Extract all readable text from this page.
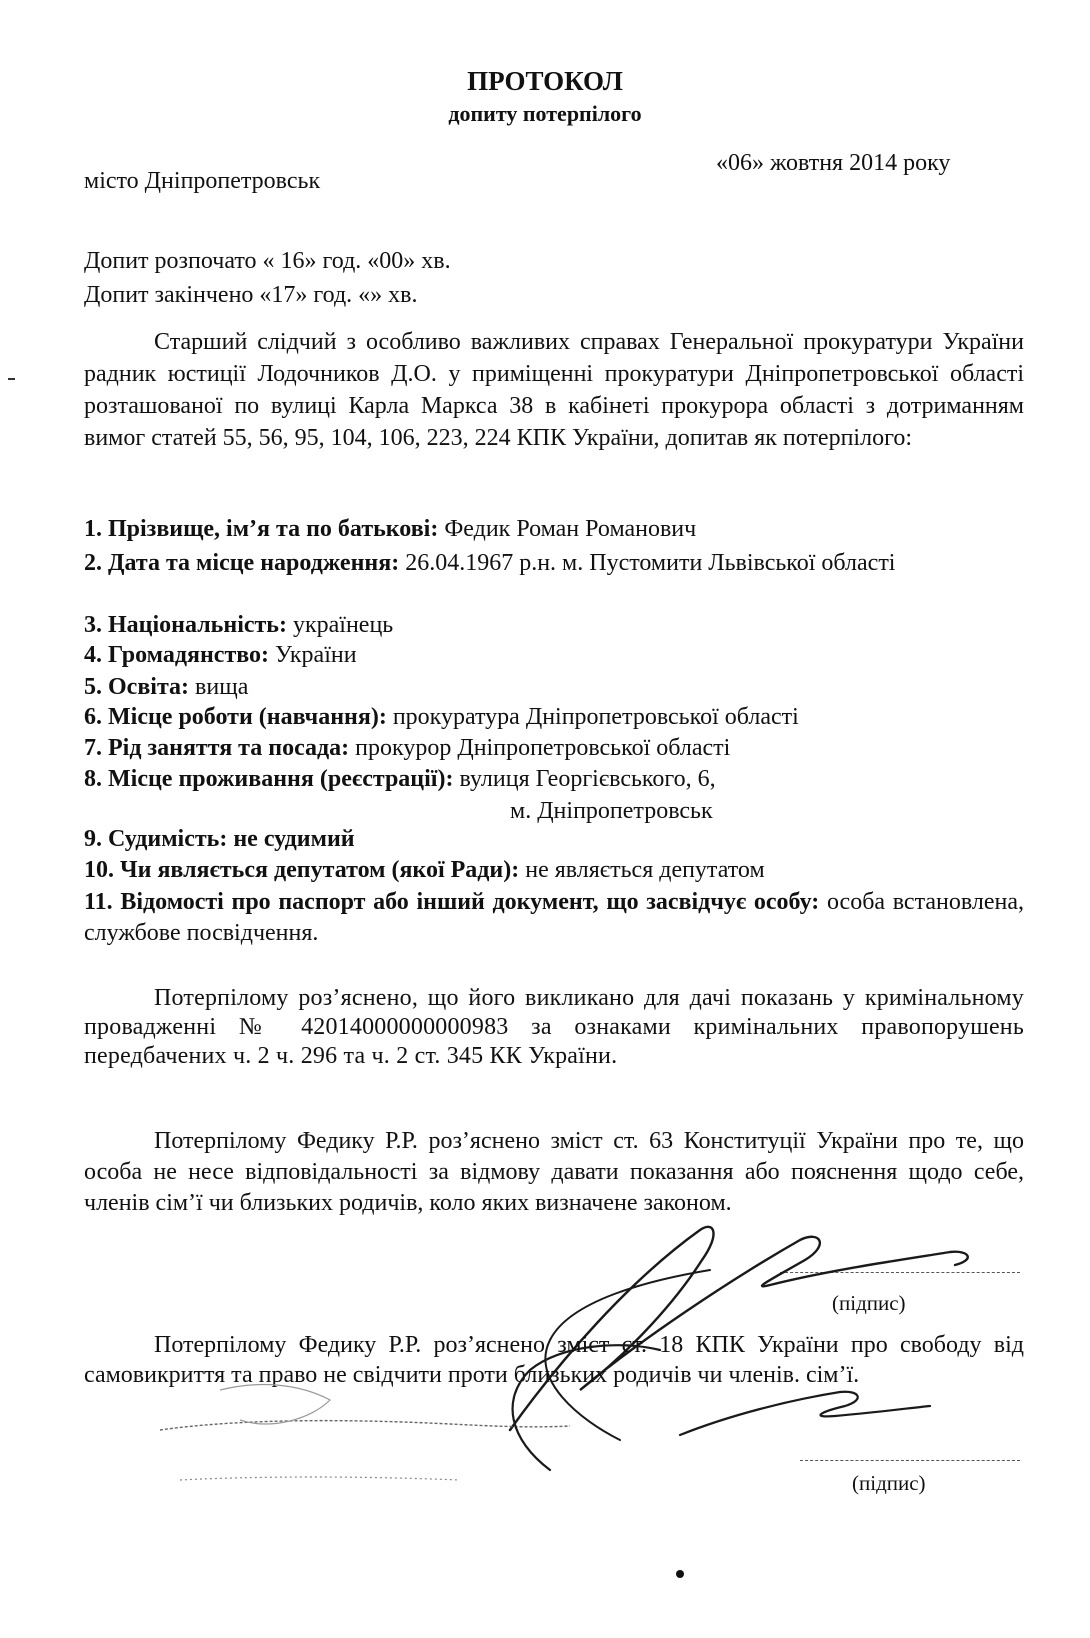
ПРОТОКОЛ
допиту потерпілого
місто Дніпропетровськ
«06» жовтня 2014 року
Допит розпочато « 16» год. «00» хв.
Допит закінчено «17» год. «» хв.
Старший слідчий з особливо важливих справах Генеральної прокуратури України радник юстиції Лодочников Д.О. у приміщенні прокуратури Дніпропетровської області розташованої по вулиці Карла Маркса 38 в кабінеті прокурора області з дотриманням вимог статей 55, 56, 95, 104, 106, 223, 224 КПК України, допитав як потерпілого:
1. Прізвище, ім’я та по батькові: Федик Роман Романович
2. Дата та місце народження: 26.04.1967 р.н. м. Пустомити Львівської області
3. Національність: українець
4. Громадянство: України
5. Освіта: вища
6. Місце роботи (навчання): прокуратура Дніпропетровської області
7. Рід заняття та посада: прокурор Дніпропетровської області
8. Місце проживання (реєстрації): вулиця Георгієвського, 6,
м. Дніпропетровськ
9. Судимість: не судимий
10. Чи являється депутатом (якої Ради): не являється депутатом
11. Відомості про паспорт або інший документ, що засвідчує особу: особа встановлена, службове посвідчення.
Потерпілому роз’яснено, що його викликано для дачі показань у кримінальному провадженні № 42014000000000983 за ознаками кримінальних правопорушень передбачених ч. 2 ч. 296 та ч. 2 ст. 345 КК України.
Потерпілому Федику Р.Р. роз’яснено зміст ст. 63 Конституції України про те, що особа не несе відповідальності за відмову давати показання або пояснення щодо себе, членів сім’ї чи близьких родичів, коло яких визначене законом.
(підпис)
Потерпілому Федику Р.Р. роз’яснено зміст ст. 18 КПК України про свободу від самовикриття та право не свідчити проти близьких родичів чи членів. сім’ї.
(підпис)
